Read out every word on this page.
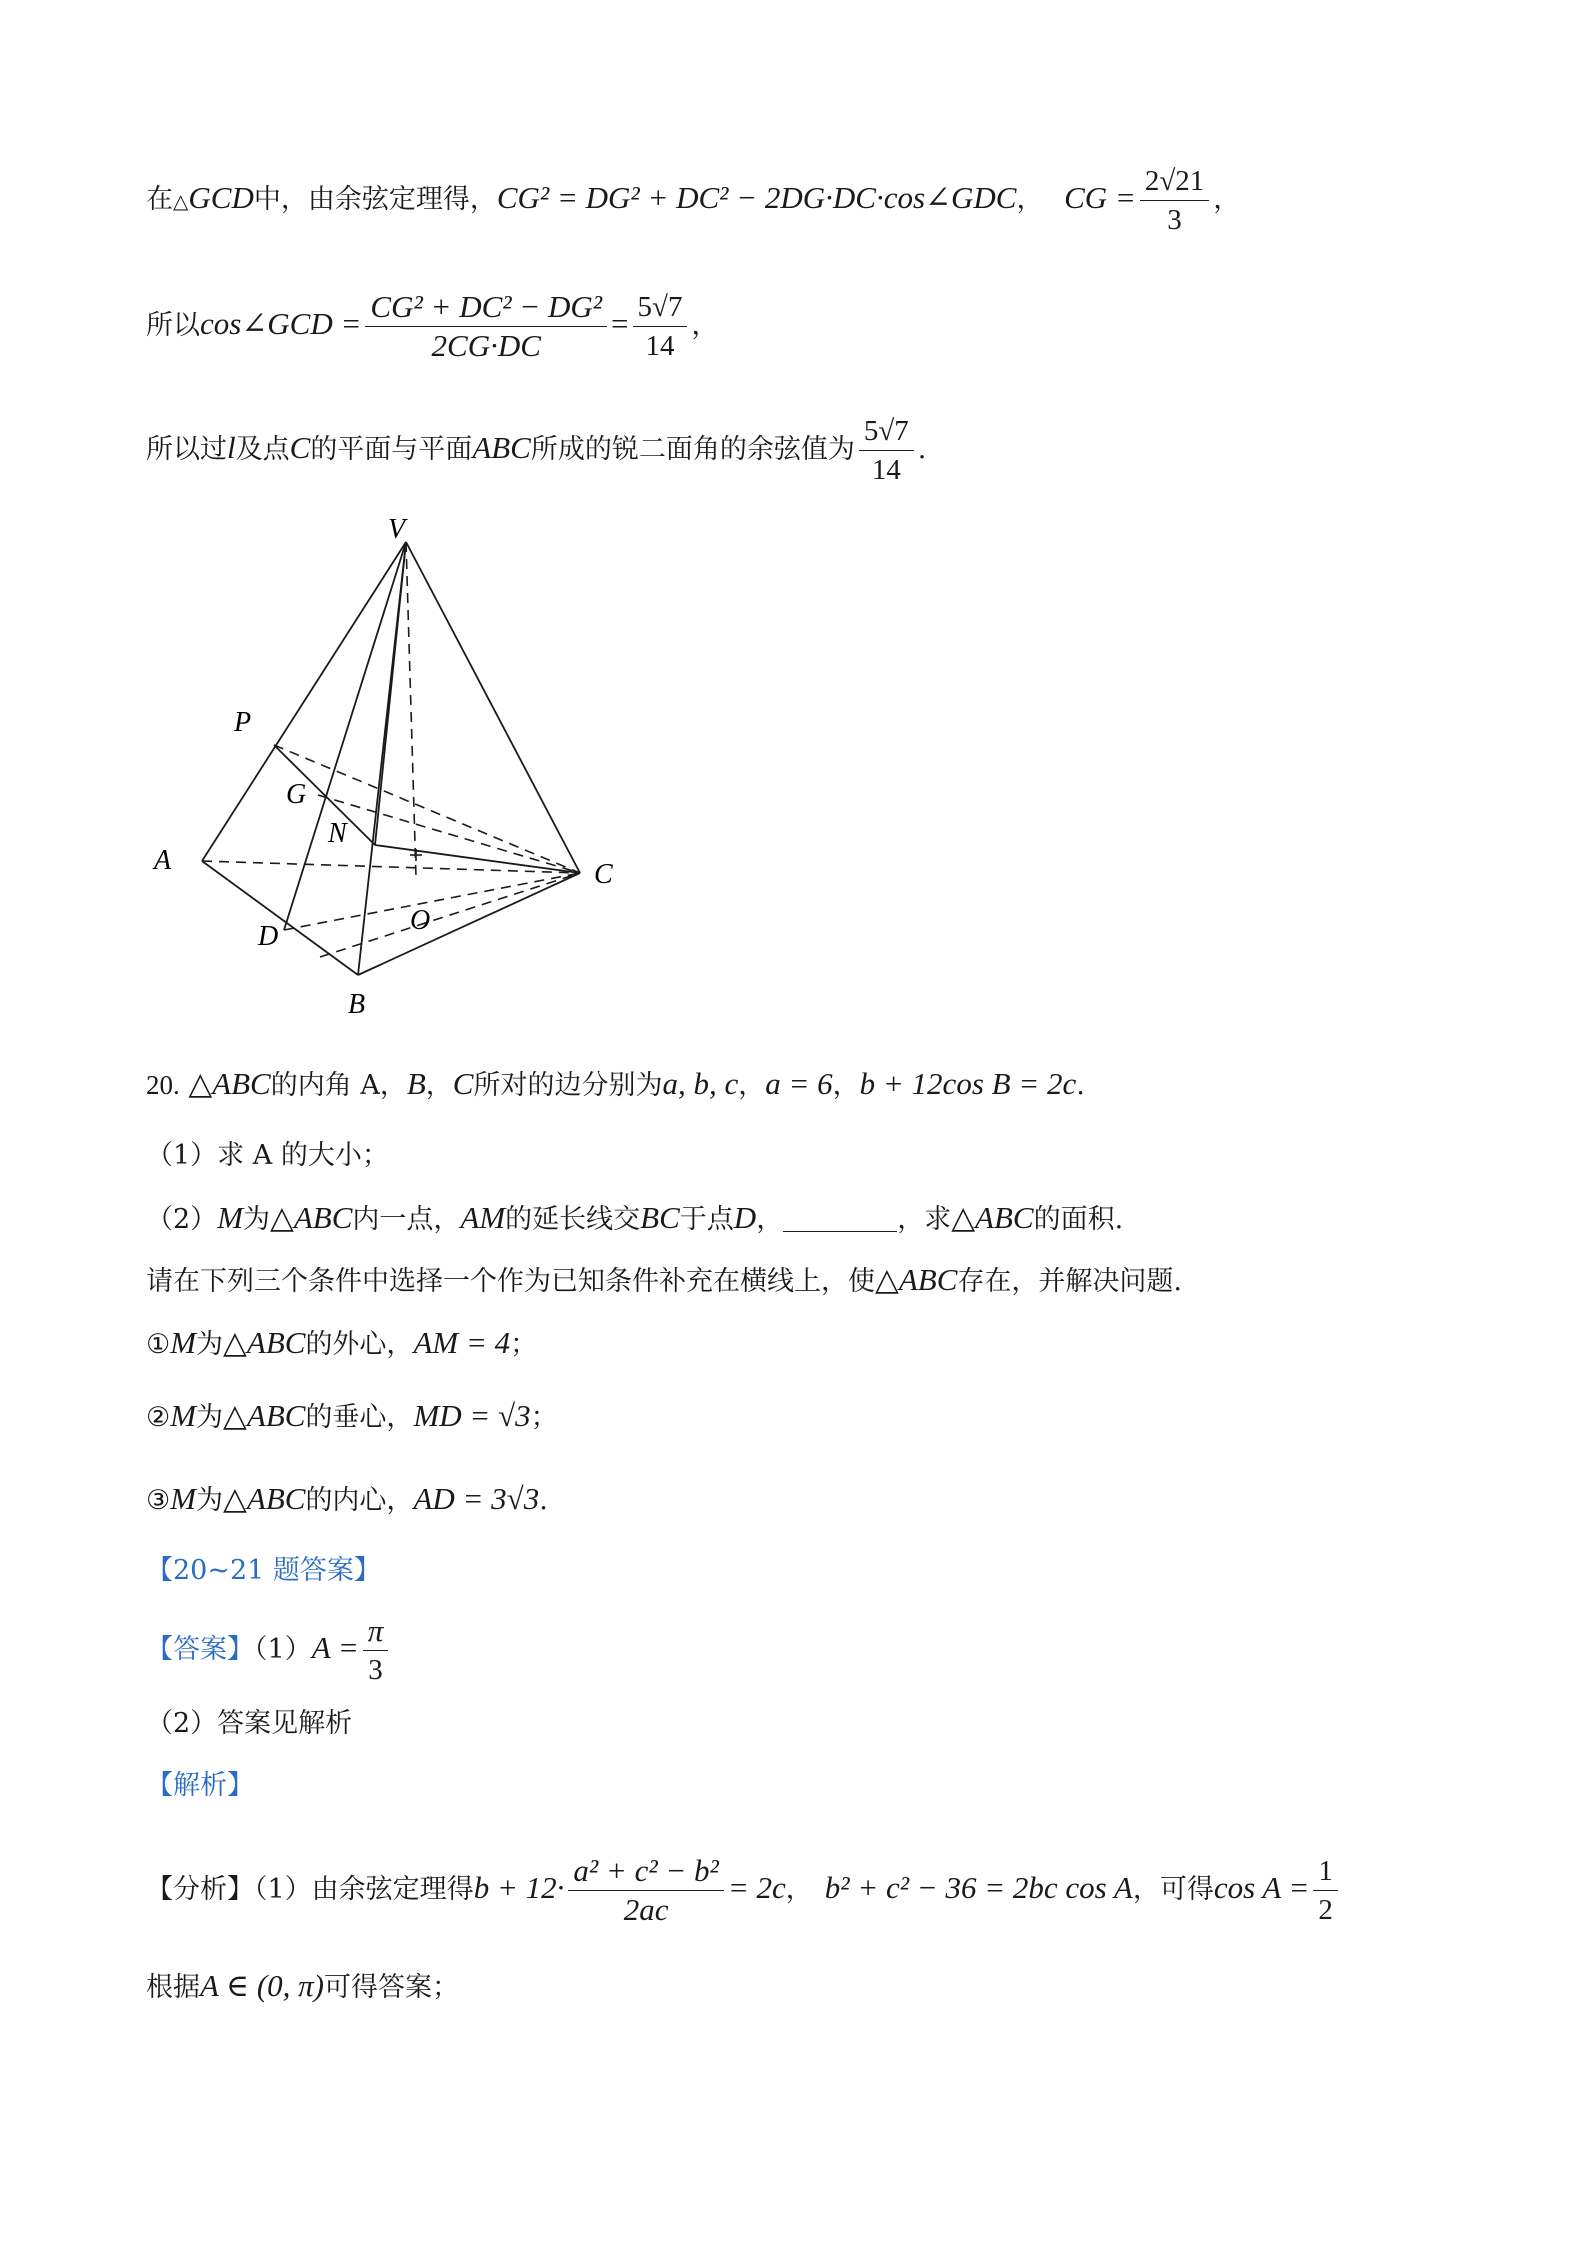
在△GCD中，由余弦定理得，CG² = DG² + DC² − 2DG·DC·cos∠GDC， CG = $\frac{2√21}{3}$ ，
所以cos∠GCD = $\frac{\text{CG² + DC² − DG²}}{2CG\cdot DC} = \frac{5√7}{14}$ ，
所以过l及点C的平面与平面ABC所成的锐二面角的余弦值为 $\frac{5√7}{14}$ .
V
P
G
N
A	C
D
O
B
20. △ABC的内角 A，B，C所对的边分别为a, b, c，a = 6，b + 12cos B = 2c.
（1）求 A 的大小；
（2）M为△ABC内一点，AM的延长线交BC于点D，	，求△ABC的面积.
请在下列三个条件中选择一个作为已知条件补充在横线上，使△ABC存在，并解决问题.
①M为△ABC的外心，AM = 4；
②M为△ABC的垂心，MD = √3；
③M为△ABC的内心，AD = 3√3.
【20~21 题答案】
【答案】$(1)A = \frac{\pi}{3}$
（2）答案见解析
【解析】
【分析】（1）由余弦定理得$b + 12\cdot \frac{\text{a² + c² − b²}}{2ac} = 2c$， b² + c² − 36 = 2bc cos A，可得$\cos A = \frac{1}{2}$
根据A ∈ (0, π)可得答案；
